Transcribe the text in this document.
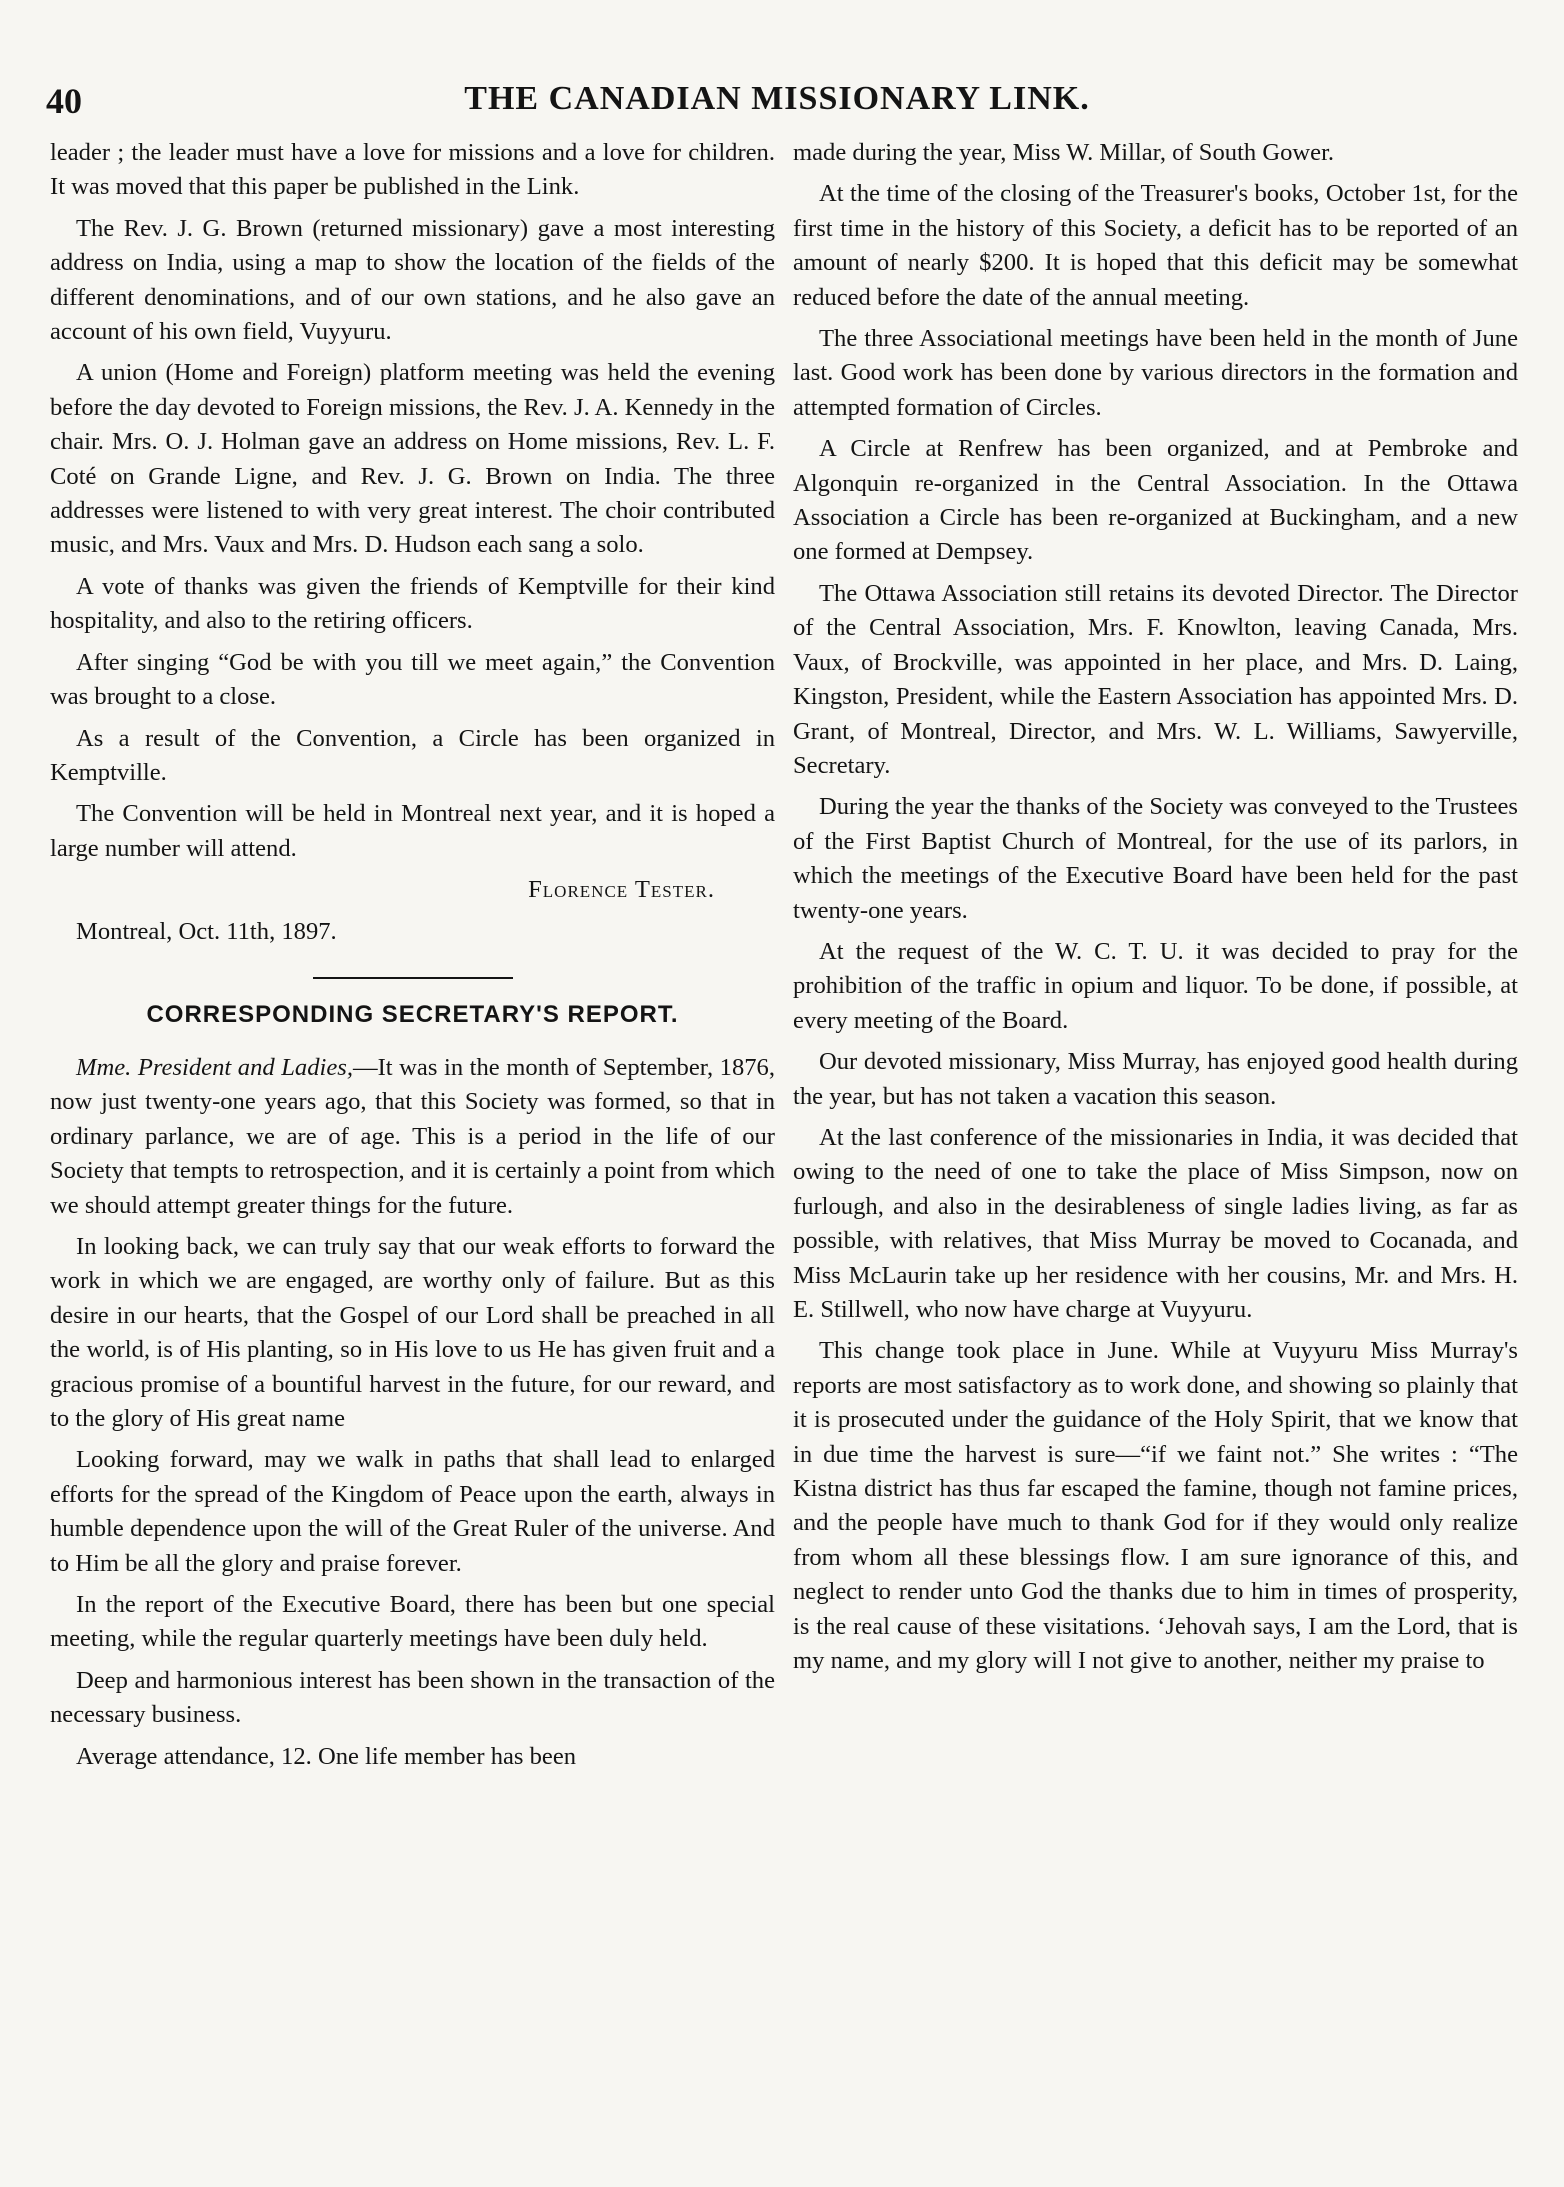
40	THE CANADIAN MISSIONARY LINK.

leader ; the leader must have a love for missions and a love for children. It was moved that this paper be published in the Link.

The Rev. J. G. Brown (returned missionary) gave a most interesting address on India, using a map to show the location of the fields of the different denominations, and of our own stations, and he also gave an account of his own field, Vuyyuru.

A union (Home and Foreign) platform meeting was held the evening before the day devoted to Foreign missions, the Rev. J. A. Kennedy in the chair. Mrs. O. J. Holman gave an address on Home missions, Rev. L. F. Coté on Grande Ligne, and Rev. J. G. Brown on India. The three addresses were listened to with very great interest. The choir contributed music, and Mrs. Vaux and Mrs. D. Hudson each sang a solo.

A vote of thanks was given the friends of Kemptville for their kind hospitality, and also to the retiring officers.

After singing “God be with you till we meet again,” the Convention was brought to a close.

As a result of the Convention, a Circle has been organized in Kemptville.

The Convention will be held in Montreal next year, and it is hoped a large number will attend.

Florence Tester.

Montreal, Oct. 11th, 1897.

CORRESPONDING SECRETARY'S REPORT.

Mme. President and Ladies,—It was in the month of September, 1876, now just twenty-one years ago, that this Society was formed, so that in ordinary parlance, we are of age. This is a period in the life of our Society that tempts to retrospection, and it is certainly a point from which we should attempt greater things for the future.

In looking back, we can truly say that our weak efforts to forward the work in which we are engaged, are worthy only of failure. But as this desire in our hearts, that the Gospel of our Lord shall be preached in all the world, is of His planting, so in His love to us He has given fruit and a gracious promise of a bountiful harvest in the future, for our reward, and to the glory of His great name

Looking forward, may we walk in paths that shall lead to enlarged efforts for the spread of the Kingdom of Peace upon the earth, always in humble dependence upon the will of the Great Ruler of the universe. And to Him be all the glory and praise forever.

In the report of the Executive Board, there has been but one special meeting, while the regular quarterly meetings have been duly held.

Deep and harmonious interest has been shown in the transaction of the necessary business.

Average attendance, 12. One life member has been

made during the year, Miss W. Millar, of South Gower.

At the time of the closing of the Treasurer's books, October 1st, for the first time in the history of this Society, a deficit has to be reported of an amount of nearly $200. It is hoped that this deficit may be somewhat reduced before the date of the annual meeting.

The three Associational meetings have been held in the month of June last. Good work has been done by various directors in the formation and attempted formation of Circles.

A Circle at Renfrew has been organized, and at Pembroke and Algonquin re-organized in the Central Association. In the Ottawa Association a Circle has been re-organized at Buckingham, and a new one formed at Dempsey.

The Ottawa Association still retains its devoted Director. The Director of the Central Association, Mrs. F. Knowlton, leaving Canada, Mrs. Vaux, of Brockville, was appointed in her place, and Mrs. D. Laing, Kingston, President, while the Eastern Association has appointed Mrs. D. Grant, of Montreal, Director, and Mrs. W. L. Williams, Sawyerville, Secretary.

During the year the thanks of the Society was conveyed to the Trustees of the First Baptist Church of Montreal, for the use of its parlors, in which the meetings of the Executive Board have been held for the past twenty-one years.

At the request of the W. C. T. U. it was decided to pray for the prohibition of the traffic in opium and liquor. To be done, if possible, at every meeting of the Board.

Our devoted missionary, Miss Murray, has enjoyed good health during the year, but has not taken a vacation this season.

At the last conference of the missionaries in India, it was decided that owing to the need of one to take the place of Miss Simpson, now on furlough, and also in the desirableness of single ladies living, as far as possible, with relatives, that Miss Murray be moved to Cocanada, and Miss McLaurin take up her residence with her cousins, Mr. and Mrs. H. E. Stillwell, who now have charge at Vuyyuru.

This change took place in June. While at Vuyyuru Miss Murray's reports are most satisfactory as to work done, and showing so plainly that it is prosecuted under the guidance of the Holy Spirit, that we know that in due time the harvest is sure—“if we faint not.” She writes : “The Kistna district has thus far escaped the famine, though not famine prices, and the people have much to thank God for if they would only realize from whom all these blessings flow. I am sure ignorance of this, and neglect to render unto God the thanks due to him in times of prosperity, is the real cause of these visitations. ‘Jehovah says, I am the Lord, that is my name, and my glory will I not give to another, neither my praise to
